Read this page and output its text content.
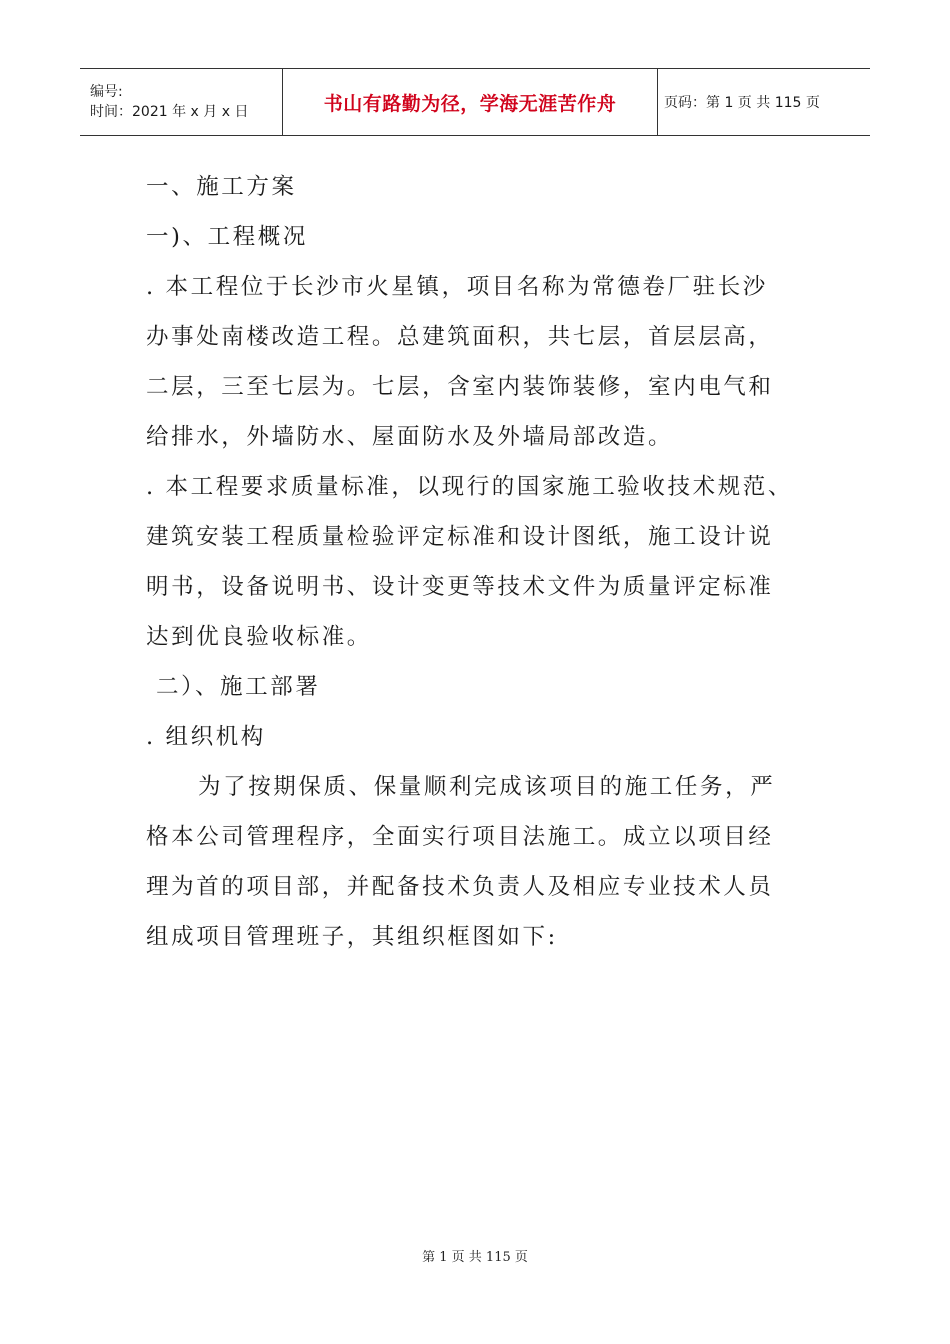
编号:
时间：2021 年 x 月 x 日	书山有路勤为径，学海无涯苦作舟	页码：第 1 页 共 115 页
一、施工方案
一)、工程概况
. 本工程位于长沙市火星镇，项目名称为常德卷厂驻长沙
办事处南楼改造工程。总建筑面积，共七层，首层层高，
二层，三至七层为。七层，含室内装饰装修，室内电气和
给排水，外墙防水、屋面防水及外墙局部改造。
. 本工程要求质量标准，以现行的国家施工验收技术规范、
建筑安装工程质量检验评定标准和设计图纸，施工设计说
明书，设备说明书、设计变更等技术文件为质量评定标准
达到优良验收标准。
二）、施工部署
. 组织机构
为了按期保质、保量顺利完成该项目的施工任务，严
格本公司管理程序，全面实行项目法施工。成立以项目经
理为首的项目部，并配备技术负责人及相应专业技术人员
组成项目管理班子，其组织框图如下:
第 1 页 共 115 页
